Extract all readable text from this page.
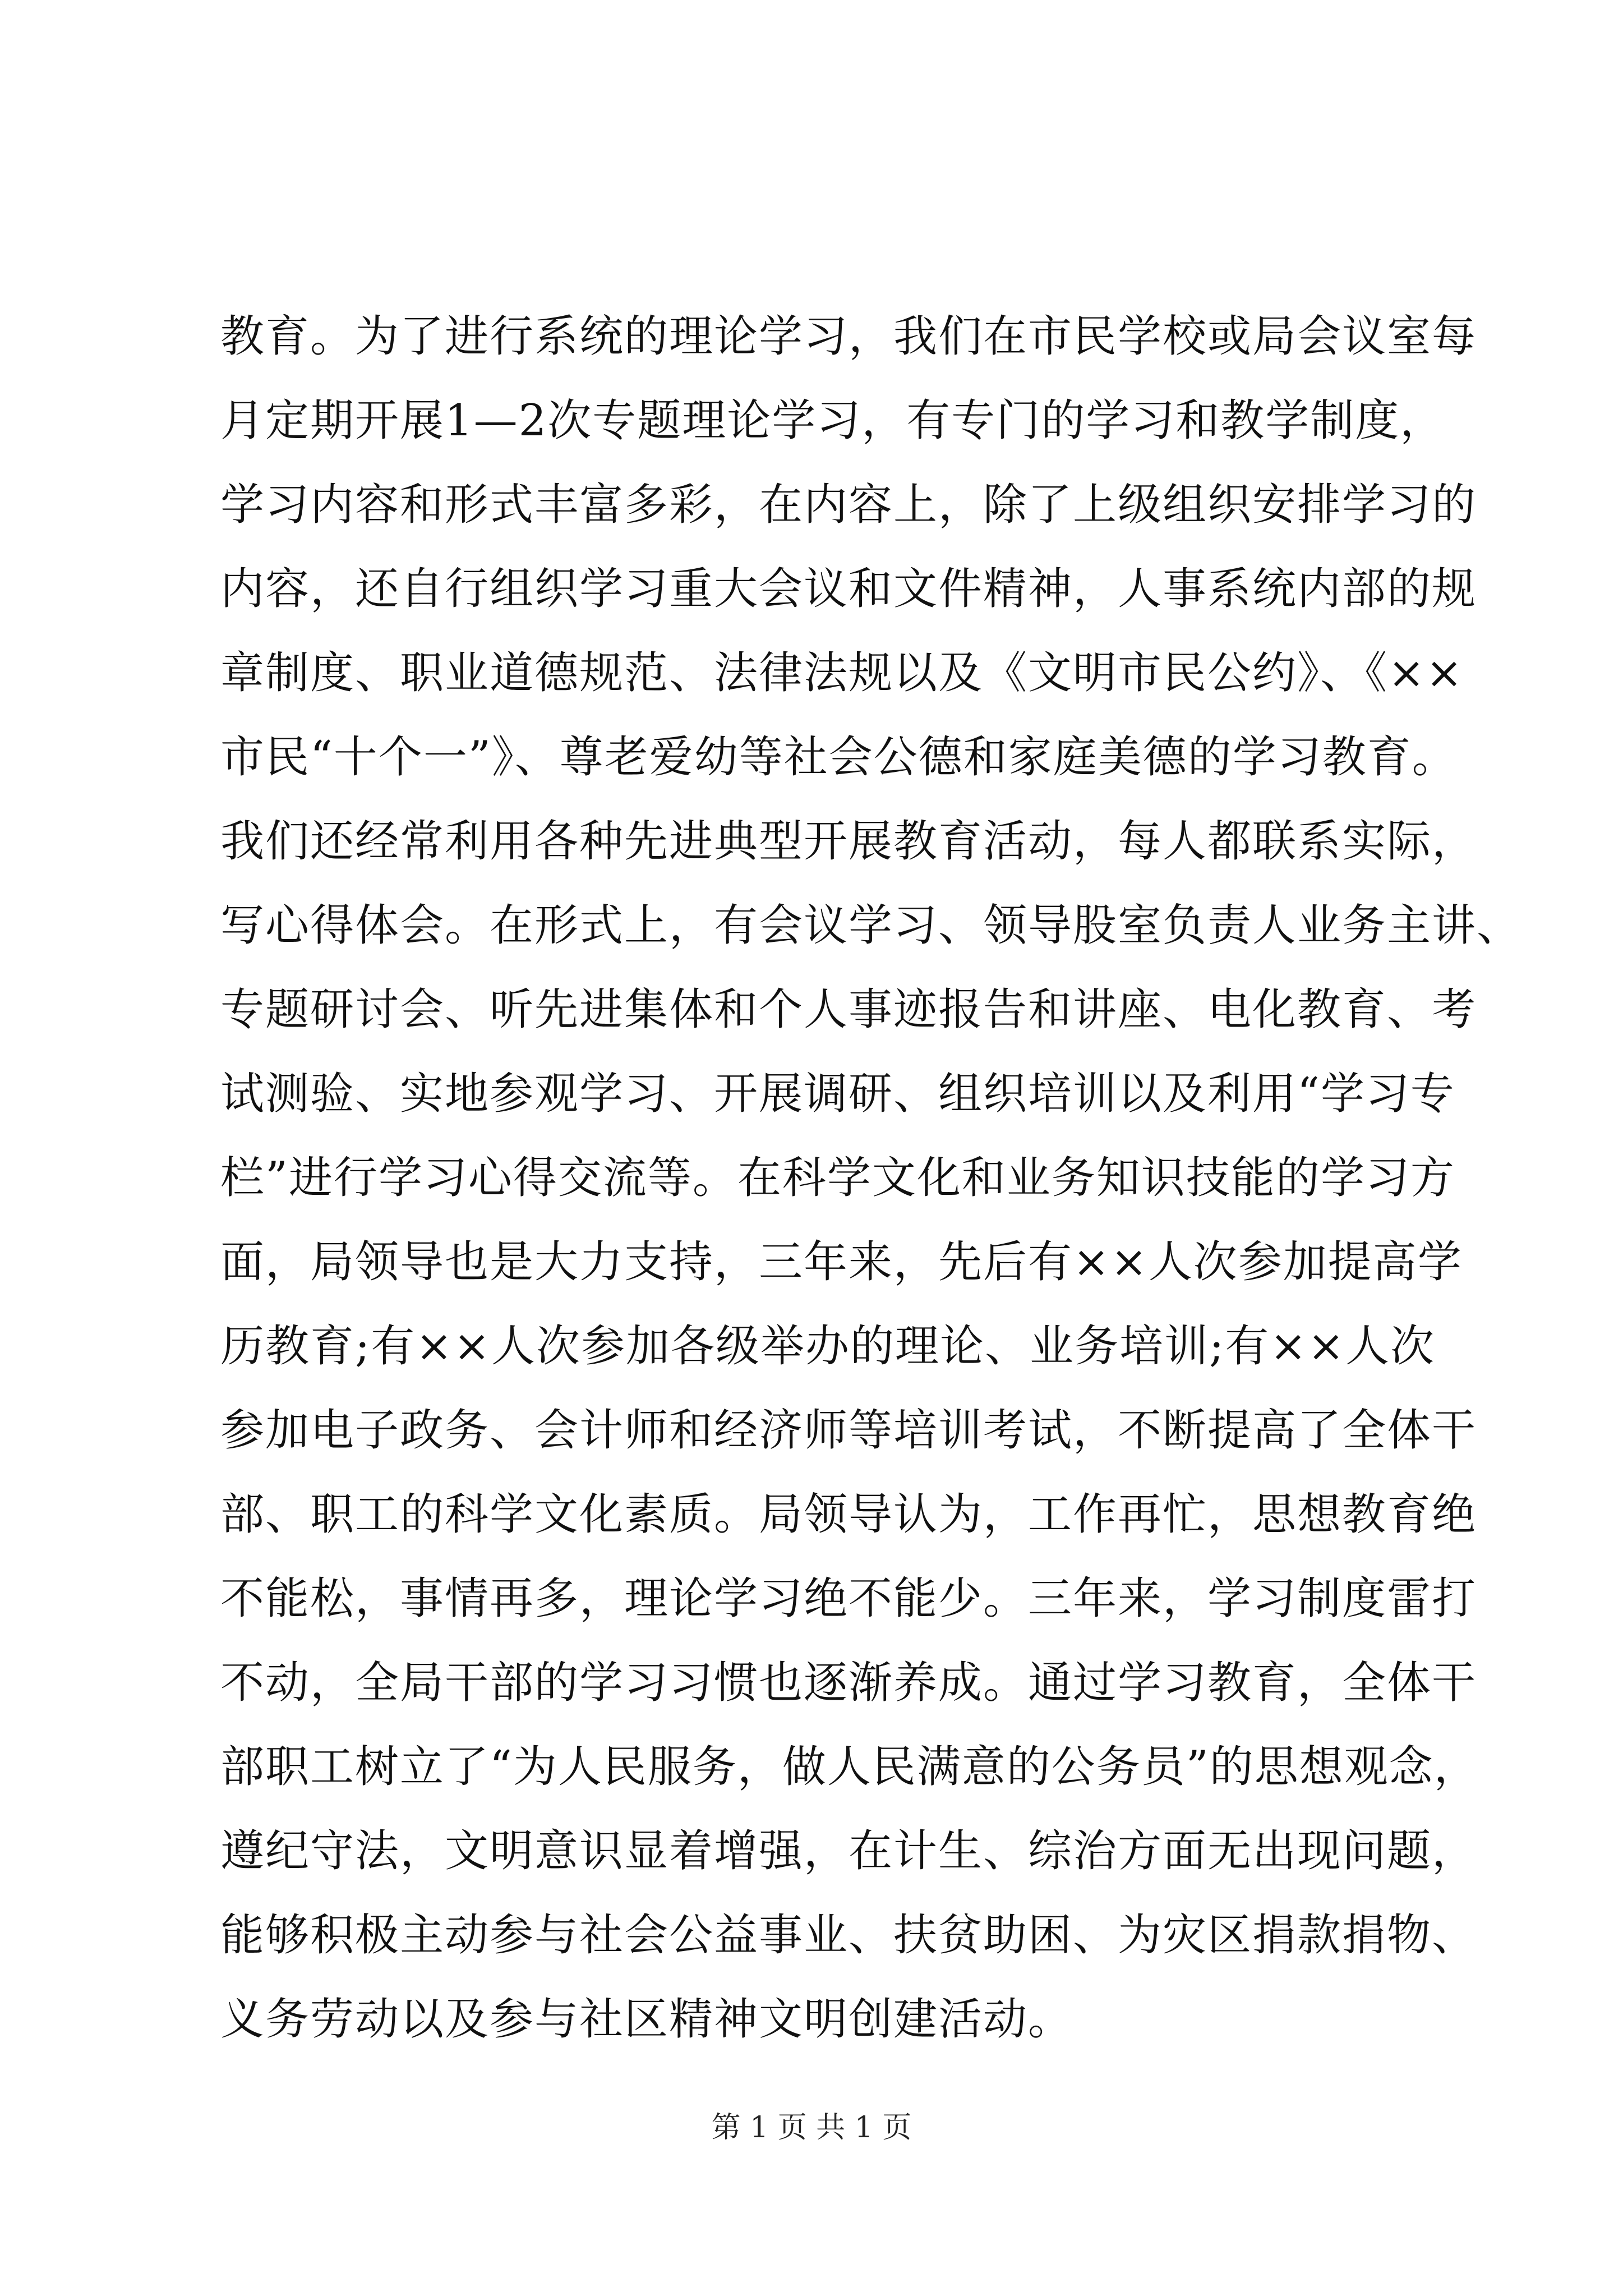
教育。为了进行系统的理论学习，我们在市民学校或局会议室每
月定期开展1—2次专题理论学习，有专门的学习和教学制度，
学习内容和形式丰富多彩，在内容上，除了上级组织安排学习的
内容，还自行组织学习重大会议和文件精神，人事系统内部的规
章制度、职业道德规范、法律法规以及《文明市民公约》、《××
市民“十个一”》、尊老爱幼等社会公德和家庭美德的学习教育。
我们还经常利用各种先进典型开展教育活动，每人都联系实际，
写心得体会。在形式上，有会议学习、领导股室负责人业务主讲、
专题研讨会、听先进集体和个人事迹报告和讲座、电化教育、考
试测验、实地参观学习、开展调研、组织培训以及利用“学习专
栏”进行学习心得交流等。在科学文化和业务知识技能的学习方
面，局领导也是大力支持，三年来，先后有××人次参加提高学
历教育;有××人次参加各级举办的理论、业务培训;有××人次
参加电子政务、会计师和经济师等培训考试，不断提高了全体干
部、职工的科学文化素质。局领导认为，工作再忙，思想教育绝
不能松，事情再多，理论学习绝不能少。三年来，学习制度雷打
不动，全局干部的学习习惯也逐渐养成。通过学习教育，全体干
部职工树立了“为人民服务，做人民满意的公务员”的思想观念，
遵纪守法，文明意识显着增强，在计生、综治方面无出现问题，
能够积极主动参与社会公益事业、扶贫助困、为灾区捐款捐物、
义务劳动以及参与社区精神文明创建活动。
第 1 页 共 1 页
